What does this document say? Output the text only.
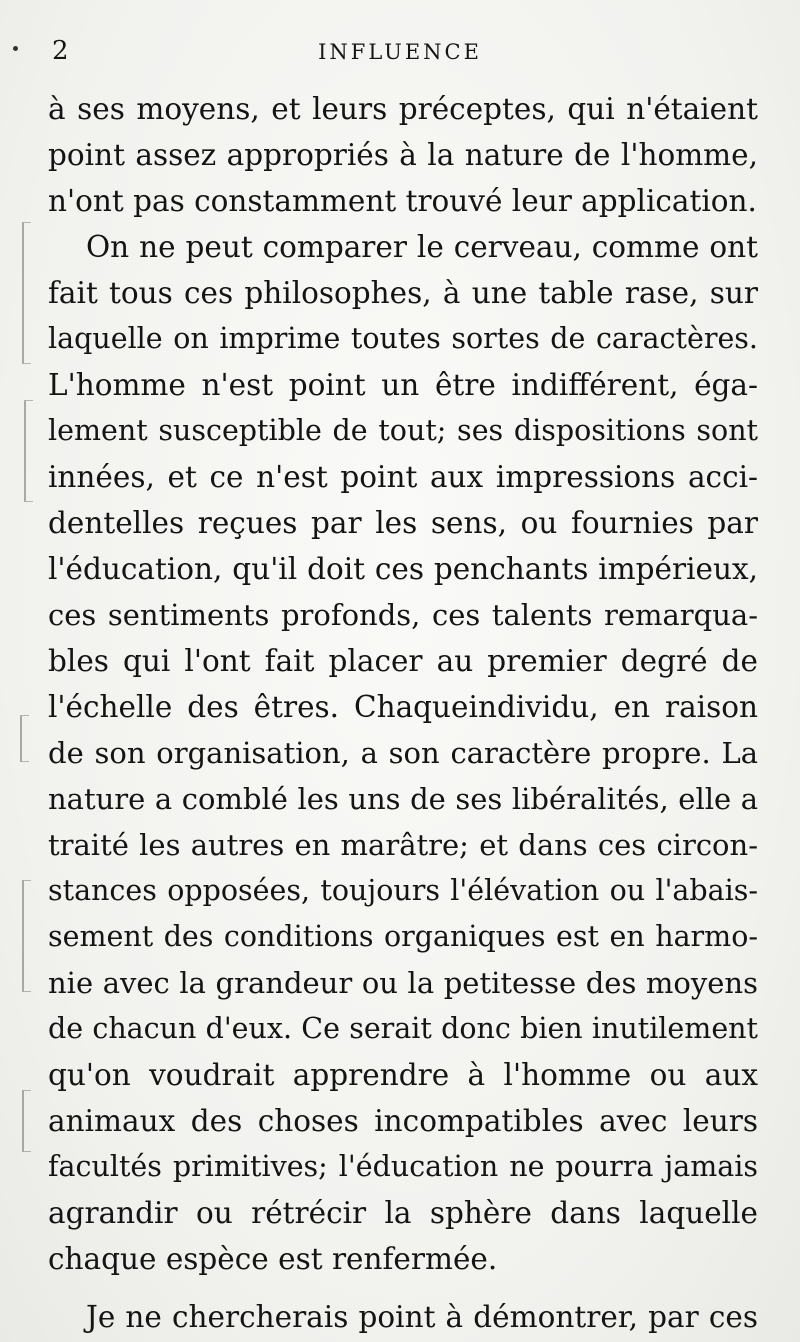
2	INFLUENCE
à ses moyens, et leurs préceptes, qui n'étaient
point assez appropriés à la nature de l'homme,
n'ont pas constamment trouvé leur application.
On ne peut comparer le cerveau, comme ont
fait tous ces philosophes, à une table rase, sur
laquelle on imprime toutes sortes de caractères.
L'homme n'est point un être indifférent, éga-
lement susceptible de tout; ses dispositions sont
innées, et ce n'est point aux impressions acci-
dentelles reçues par les sens, ou fournies par
l'éducation, qu'il doit ces penchants impérieux,
ces sentiments profonds, ces talents remarqua-
bles qui l'ont fait placer au premier degré de
l'échelle des êtres. Chaqueindividu, en raison
de son organisation, a son caractère propre. La
nature a comblé les uns de ses libéralités, elle a
traité les autres en marâtre; et dans ces circon-
stances opposées, toujours l'élévation ou l'abais-
sement des conditions organiques est en harmo-
nie avec la grandeur ou la petitesse des moyens
de chacun d'eux. Ce serait donc bien inutilement
qu'on voudrait apprendre à l'homme ou aux
animaux des choses incompatibles avec leurs
facultés primitives; l'éducation ne pourra jamais
agrandir ou rétrécir la sphère dans laquelle
chaque espèce est renfermée.
Je ne chercherais point à démontrer, par ces
